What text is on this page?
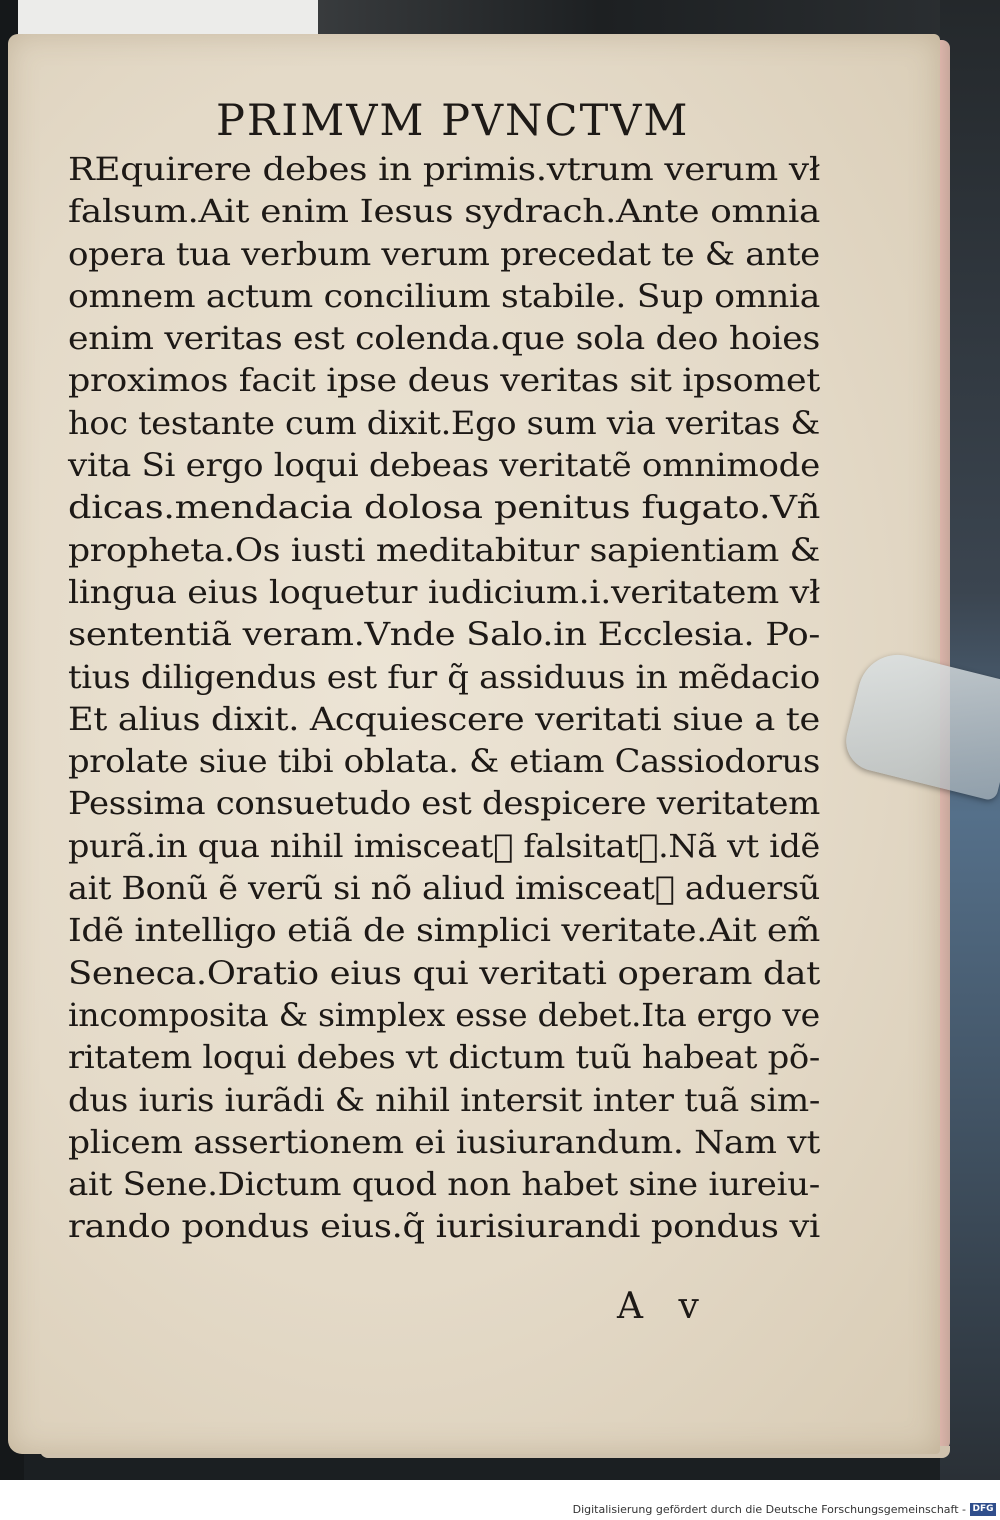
PRIMVM PVNCTVM
REquirere debes in primis.vtrum verum vł
falsum.Ait enim Iesus sydrach.Ante omnia
opera tua verbum verum precedat te & ante
omnem actum concilium stabile. Sup omnia
enim veritas est colenda.que sola deo hoies
proximos facit ipse deus veritas sit ipsomet
hoc testante cum dixit.Ego sum via veritas &
vita Si ergo loqui debeas veritatẽ omnimode
dicas.mendacia dolosa penitus fugato.Vñ
propheta.Os iusti meditabitur sapientiam &
lingua eius loquetur iudicium.i.veritatem vł
sententiã veram.Vnde Salo.in Ecclesia. Po-
tius diligendus est fur q̃ assiduus in mẽdacio
Et alius dixit. Acquiescere veritati siue a te
prolate siue tibi oblata. & etiam Cassiodorus
Pessima consuetudo est despicere veritatem
purã.in qua nihil imisceatᷣ falsitatꝭ.Nã vt idẽ
ait Bonũ ẽ verũ si nõ aliud imisceatᷣ aduersũ
Idẽ intelligo etiã de simplici veritate.Ait em̃
Seneca.Oratio eius qui veritati operam dat
incomposita & simplex esse debet.Ita ergo ve
ritatem loqui debes vt dictum tuũ habeat põ-
dus iuris iurãdi & nihil intersit inter tuã sim-
plicem assertionem ei iusiurandum. Nam vt
ait Sene.Dictum quod non habet sine iureiu-
rando pondus eius.q̃ iurisiurandi pondus vi
A v
Digitalisierung gefördert durch die Deutsche Forschungsgemeinschaft - DFG
